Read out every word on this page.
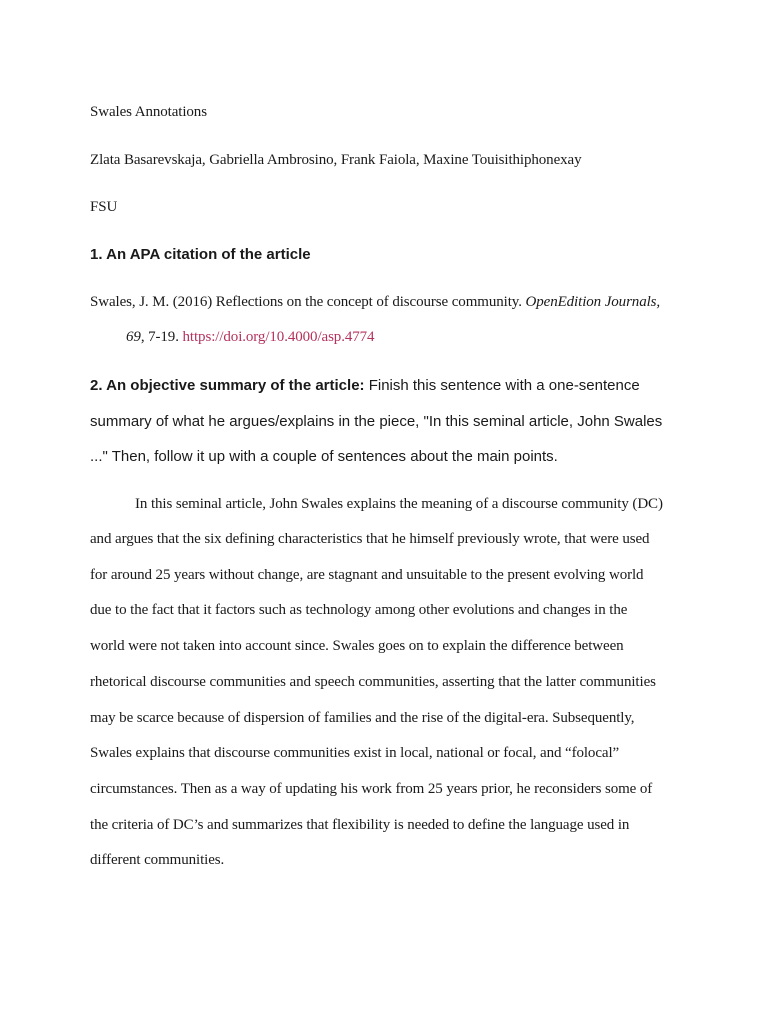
Swales Annotations
Zlata Basarevskaja, Gabriella Ambrosino, Frank Faiola, Maxine Touisithiphonexay
FSU
1. An APA citation of the article
Swales, J. M. (2016) Reflections on the concept of discourse community. OpenEdition Journals,
69, 7-19. https://doi.org/10.4000/asp.4774
2. An objective summary of the article: Finish this sentence with a one-sentence
summary of what he argues/explains in the piece, "In this seminal article, John Swales
..." Then, follow it up with a couple of sentences about the main points.
In this seminal article, John Swales explains the meaning of a discourse community (DC)
and argues that the six defining characteristics that he himself previously wrote, that were used
for around 25 years without change, are stagnant and unsuitable to the present evolving world
due to the fact that it factors such as technology among other evolutions and changes in the
world were not taken into account since. Swales goes on to explain the difference between
rhetorical discourse communities and speech communities, asserting that the latter communities
may be scarce because of dispersion of families and the rise of the digital-era. Subsequently,
Swales explains that discourse communities exist in local, national or focal, and “folocal”
circumstances. Then as a way of updating his work from 25 years prior, he reconsiders some of
the criteria of DC’s and summarizes that flexibility is needed to define the language used in
different communities.
